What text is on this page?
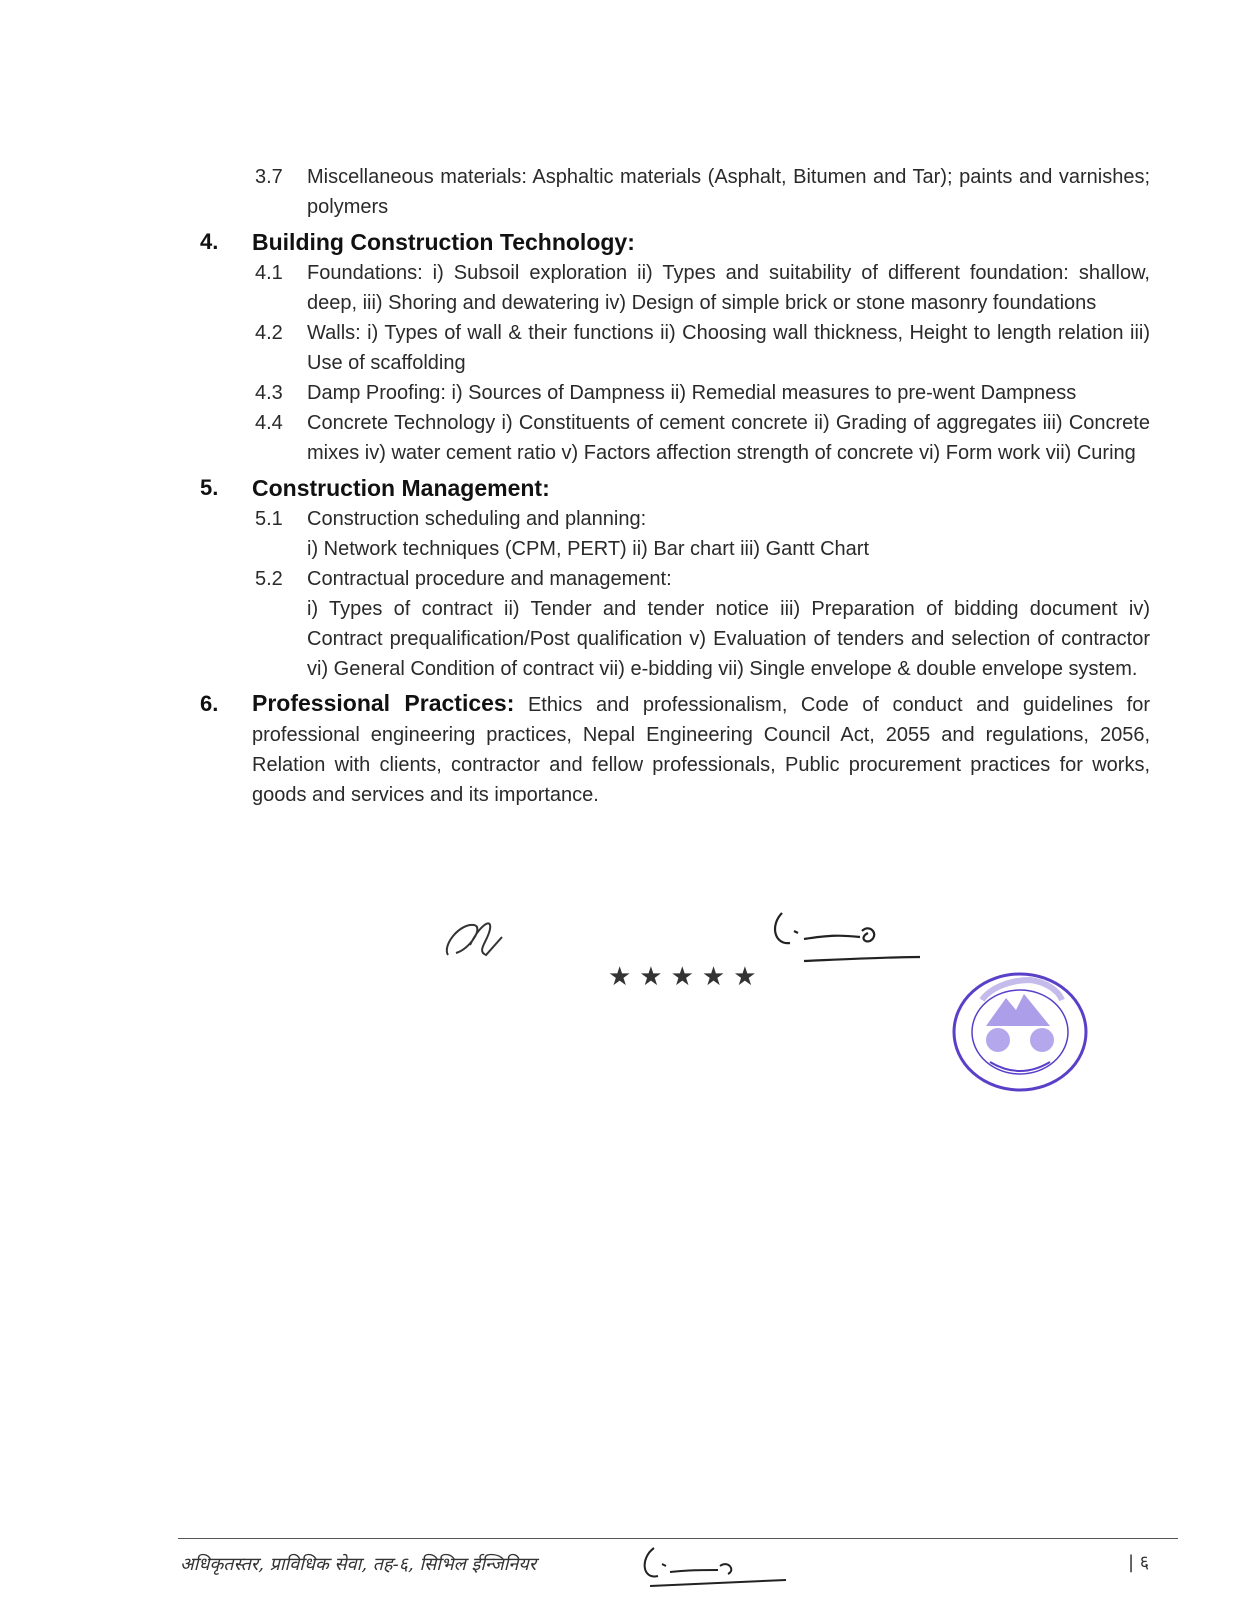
3.7	Miscellaneous materials: Asphaltic materials (Asphalt, Bitumen and Tar); paints and varnishes; polymers
4.	Building Construction Technology:
4.1	Foundations: i) Subsoil exploration ii) Types and suitability of different foundation: shallow, deep, iii) Shoring and dewatering iv) Design of simple brick or stone masonry foundations
4.2	Walls: i) Types of wall & their functions ii) Choosing wall thickness, Height to length relation iii) Use of scaffolding
4.3	Damp Proofing: i) Sources of Dampness ii) Remedial measures to pre-went Dampness
4.4	Concrete Technology i) Constituents of cement concrete ii) Grading of aggregates iii) Concrete mixes iv) water cement ratio v) Factors affection strength of concrete vi) Form work vii) Curing
5.	Construction Management:
5.1	Construction scheduling and planning:
i) Network techniques (CPM, PERT) ii) Bar chart iii) Gantt Chart
5.2	Contractual procedure and management:
i) Types of contract ii) Tender and tender notice iii) Preparation of bidding document iv) Contract prequalification/Post qualification v) Evaluation of tenders and selection of contractor vi) General Condition of contract vii) e-bidding vii) Single envelope & double envelope system.
6.	Professional Practices: Ethics and professionalism, Code of conduct and guidelines for professional engineering practices, Nepal Engineering Council Act, 2055 and regulations, 2056, Relation with clients, contractor and fellow professionals, Public procurement practices for works, goods and services and its importance.
★★★★★
अधिकृतस्तर, प्राविधिक सेवा, तह-६, सिभिल ईन्जिनियर	| ६
